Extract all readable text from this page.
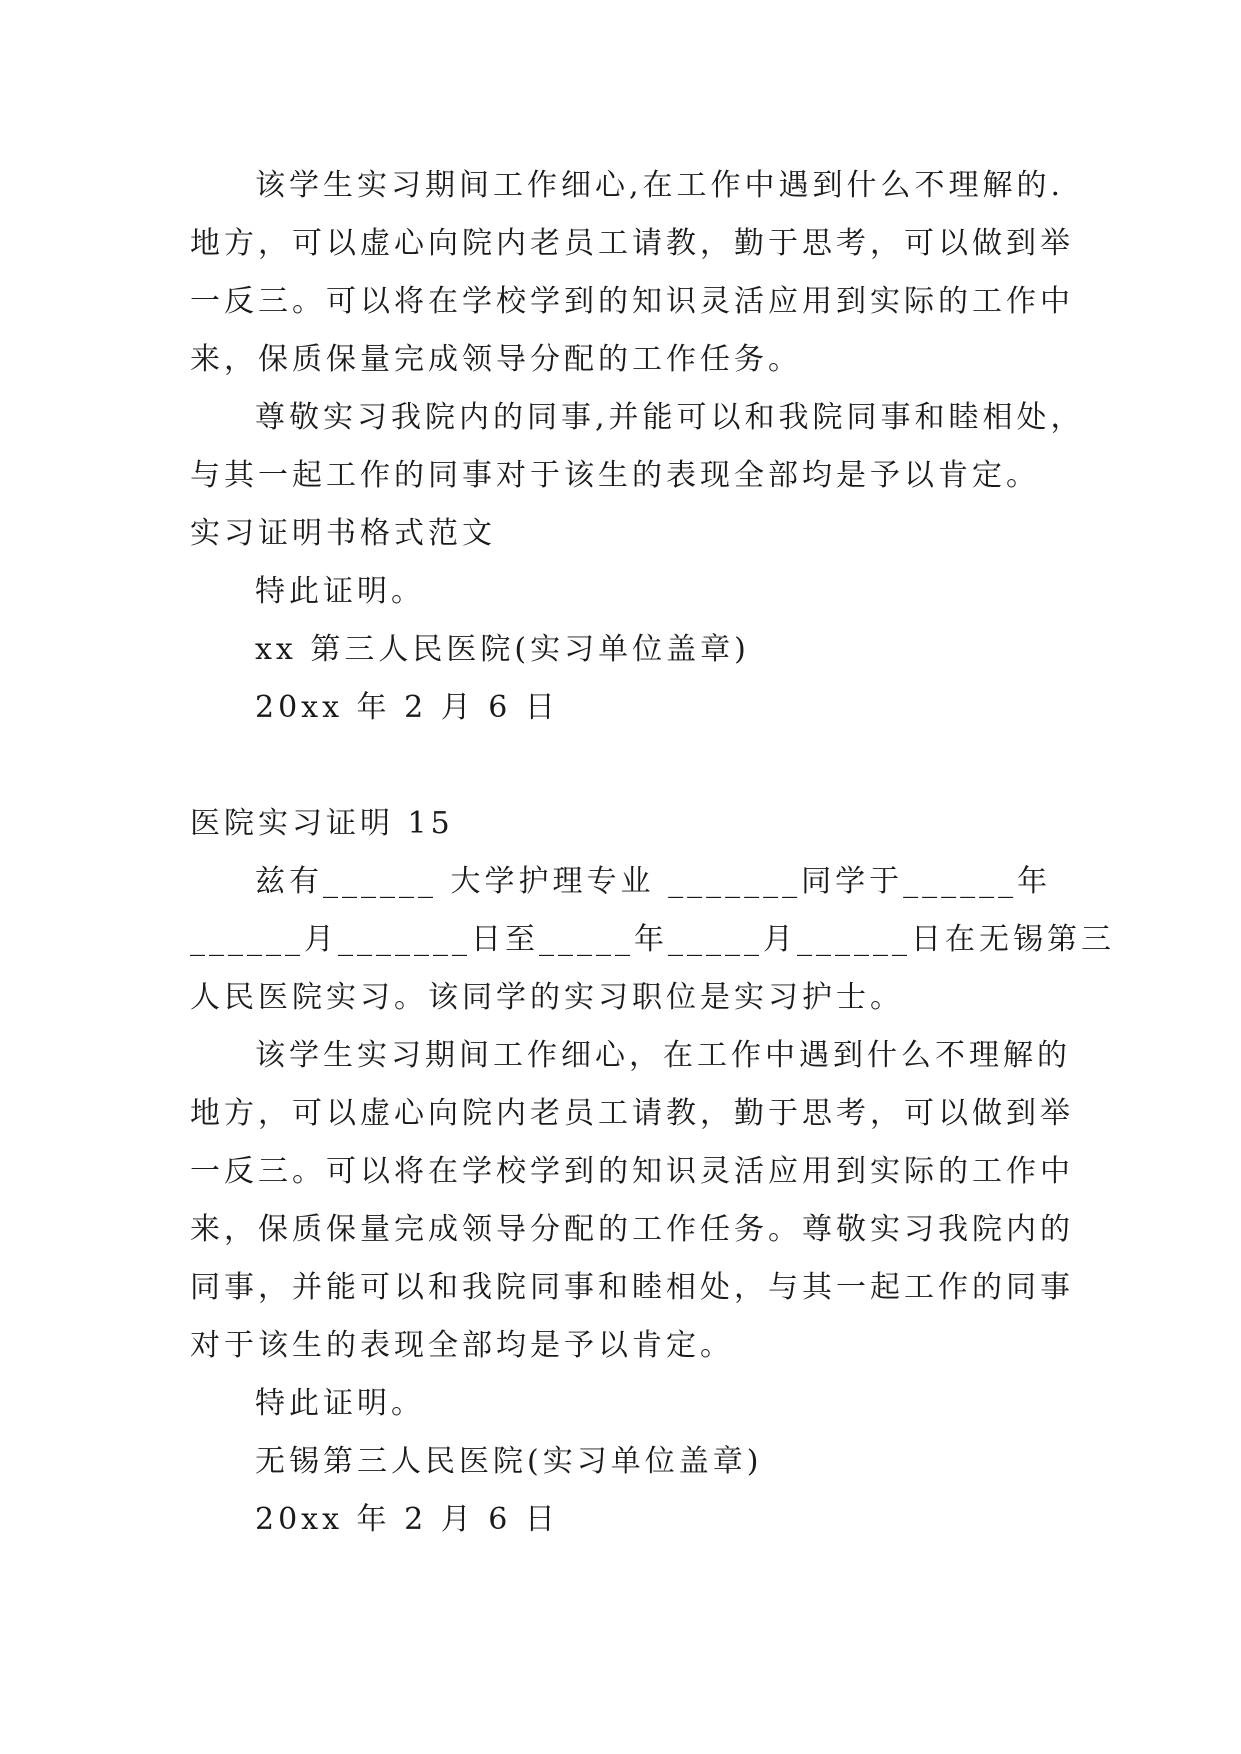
该学生实习期间工作细心,在工作中遇到什么不理解的.
地方，可以虚心向院内老员工请教，勤于思考，可以做到举
一反三。可以将在学校学到的知识灵活应用到实际的工作中
来，保质保量完成领导分配的工作任务。
尊敬实习我院内的同事,并能可以和我院同事和睦相处，
与其一起工作的同事对于该生的表现全部均是予以肯定。
实习证明书格式范文
特此证明。
xx 第三人民医院(实习单位盖章)
20xx 年 2 月 6 日
医院实习证明 15
兹有______ 大学护理专业 _______同学于______年
______月_______日至_____年_____月______日在无锡第三
人民医院实习。该同学的实习职位是实习护士。
该学生实习期间工作细心，在工作中遇到什么不理解的
地方，可以虚心向院内老员工请教，勤于思考，可以做到举
一反三。可以将在学校学到的知识灵活应用到实际的工作中
来，保质保量完成领导分配的工作任务。尊敬实习我院内的
同事，并能可以和我院同事和睦相处，与其一起工作的同事
对于该生的表现全部均是予以肯定。
特此证明。
无锡第三人民医院(实习单位盖章)
20xx 年 2 月 6 日
